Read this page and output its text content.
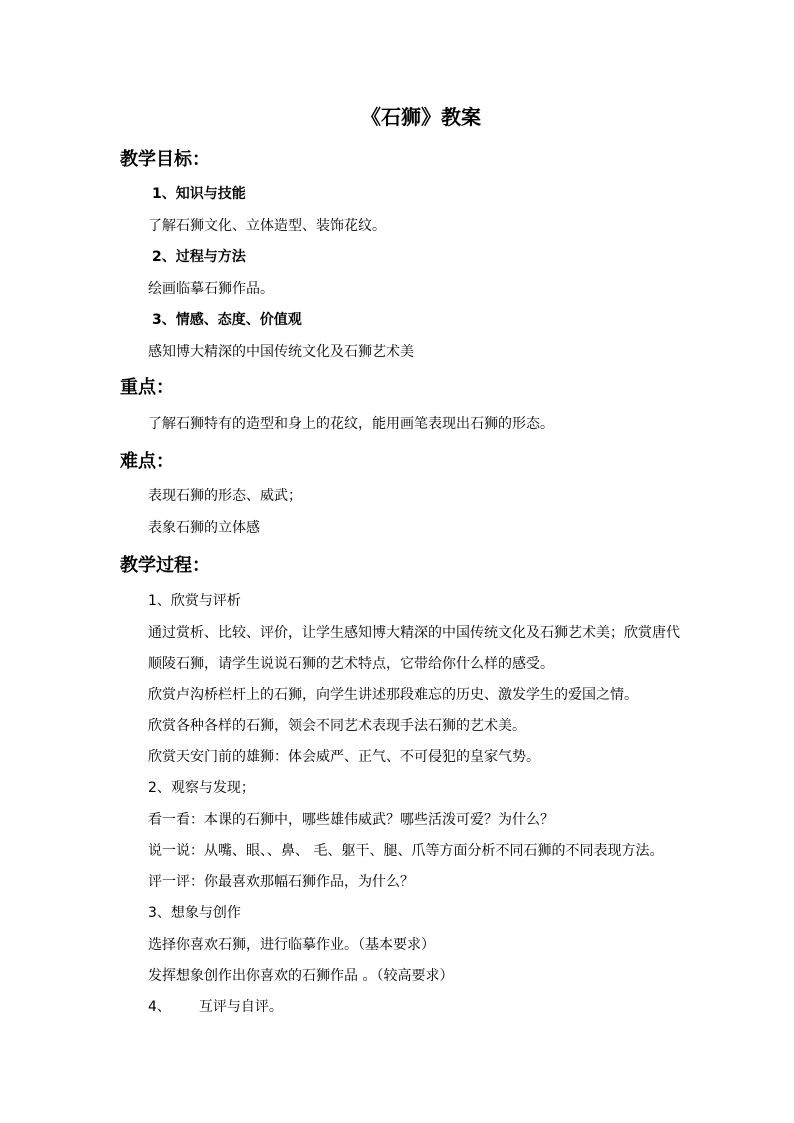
《石狮》教案
教学目标：
1、知识与技能
了解石狮文化、立体造型、装饰花纹。
2、过程与方法
绘画临摹石狮作品。
3、情感、态度、价值观
感知博大精深的中国传统文化及石狮艺术美
重点：
了解石狮特有的造型和身上的花纹，能用画笔表现出石狮的形态。
难点：
表现石狮的形态、威武；
表象石狮的立体感
教学过程：
1、欣赏与评析
通过赏析、比较、评价，让学生感知博大精深的中国传统文化及石狮艺术美；欣赏唐代
顺陵石狮，请学生说说石狮的艺术特点，它带给你什么样的感受。
欣赏卢沟桥栏杆上的石狮，向学生讲述那段难忘的历史、激发学生的爱国之情。
欣赏各种各样的石狮，领会不同艺术表现手法石狮的艺术美。
欣赏天安门前的雄狮：体会威严、正气、不可侵犯的皇家气势。
2、观察与发现；
看一看：本课的石狮中，哪些雄伟威武？哪些活泼可爱？为什么？
说一说：从嘴、眼、、鼻、 毛、躯干、腿、爪等方面分析不同石狮的不同表现方法。
评一评：你最喜欢那幅石狮作品，为什么？
3、想象与创作
选择你喜欢石狮，进行临摹作业。（基本要求）
发挥想象创作出你喜欢的石狮作品 。（较高要求）
4、 互评与自评。
